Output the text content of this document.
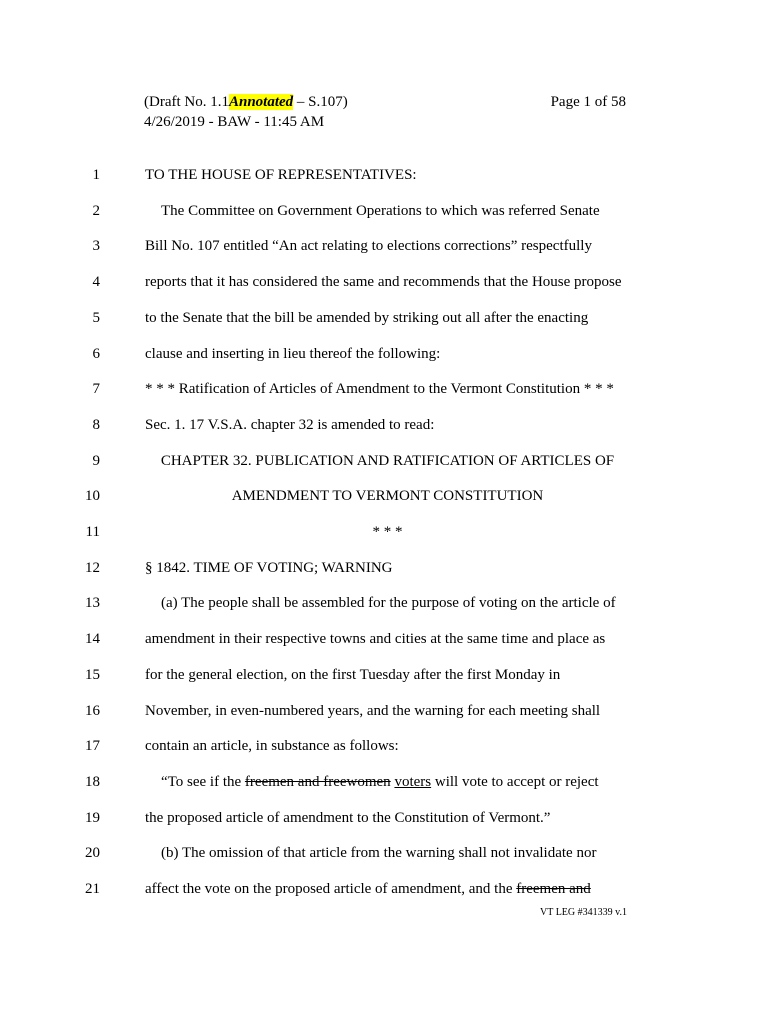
(Draft No. 1.1Annotated – S.107)
4/26/2019 - BAW - 11:45 AM
Page 1 of 58
1	TO THE HOUSE OF REPRESENTATIVES:
2	The Committee on Government Operations to which was referred Senate
3	Bill No. 107 entitled “An act relating to elections corrections” respectfully
4	reports that it has considered the same and recommends that the House propose
5	to the Senate that the bill be amended by striking out all after the enacting
6	clause and inserting in lieu thereof the following:
7	* * * Ratification of Articles of Amendment to the Vermont Constitution * * *
8	Sec. 1. 17 V.S.A. chapter 32 is amended to read:
9	CHAPTER 32. PUBLICATION AND RATIFICATION OF ARTICLES OF
10	AMENDMENT TO VERMONT CONSTITUTION
11	* * *
12	§ 1842. TIME OF VOTING; WARNING
13	(a) The people shall be assembled for the purpose of voting on the article of
14	amendment in their respective towns and cities at the same time and place as
15	for the general election, on the first Tuesday after the first Monday in
16	November, in even-numbered years, and the warning for each meeting shall
17	contain an article, in substance as follows:
18	“To see if the freemen and freewomen voters will vote to accept or reject
19	the proposed article of amendment to the Constitution of Vermont.”
20	(b) The omission of that article from the warning shall not invalidate nor
21	affect the vote on the proposed article of amendment, and the freemen and
VT LEG #341339 v.1
